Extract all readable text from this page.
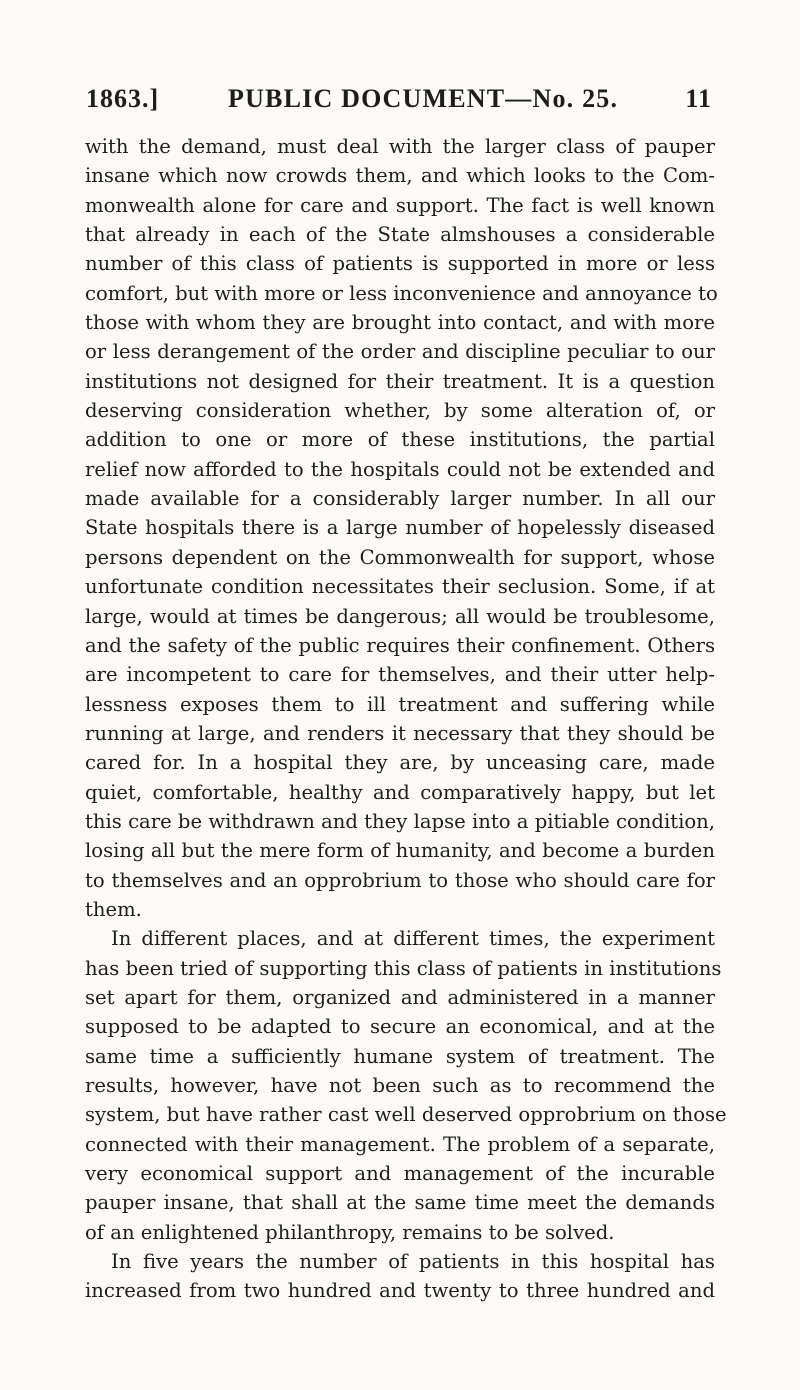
1863.]	PUBLIC DOCUMENT—No. 25.	11
with the demand, must deal with the larger class of pauper
insane which now crowds them, and which looks to the Com-
monwealth alone for care and support. The fact is well known
that already in each of the State almshouses a considerable
number of this class of patients is supported in more or less
comfort, but with more or less inconvenience and annoyance to
those with whom they are brought into contact, and with more
or less derangement of the order and discipline peculiar to our
institutions not designed for their treatment. It is a question
deserving consideration whether, by some alteration of, or
addition to one or more of these institutions, the partial
relief now afforded to the hospitals could not be extended and
made available for a considerably larger number. In all our
State hospitals there is a large number of hopelessly diseased
persons dependent on the Commonwealth for support, whose
unfortunate condition necessitates their seclusion. Some, if at
large, would at times be dangerous; all would be troublesome,
and the safety of the public requires their confinement. Others
are incompetent to care for themselves, and their utter help-
lessness exposes them to ill treatment and suffering while
running at large, and renders it necessary that they should be
cared for. In a hospital they are, by unceasing care, made
quiet, comfortable, healthy and comparatively happy, but let
this care be withdrawn and they lapse into a pitiable condition,
losing all but the mere form of humanity, and become a burden
to themselves and an opprobrium to those who should care for
them.
In different places, and at different times, the experiment
has been tried of supporting this class of patients in institutions
set apart for them, organized and administered in a manner
supposed to be adapted to secure an economical, and at the
same time a sufficiently humane system of treatment. The
results, however, have not been such as to recommend the
system, but have rather cast well deserved opprobrium on those
connected with their management. The problem of a separate,
very economical support and management of the incurable
pauper insane, that shall at the same time meet the demands
of an enlightened philanthropy, remains to be solved.
In five years the number of patients in this hospital has
increased from two hundred and twenty to three hundred and
